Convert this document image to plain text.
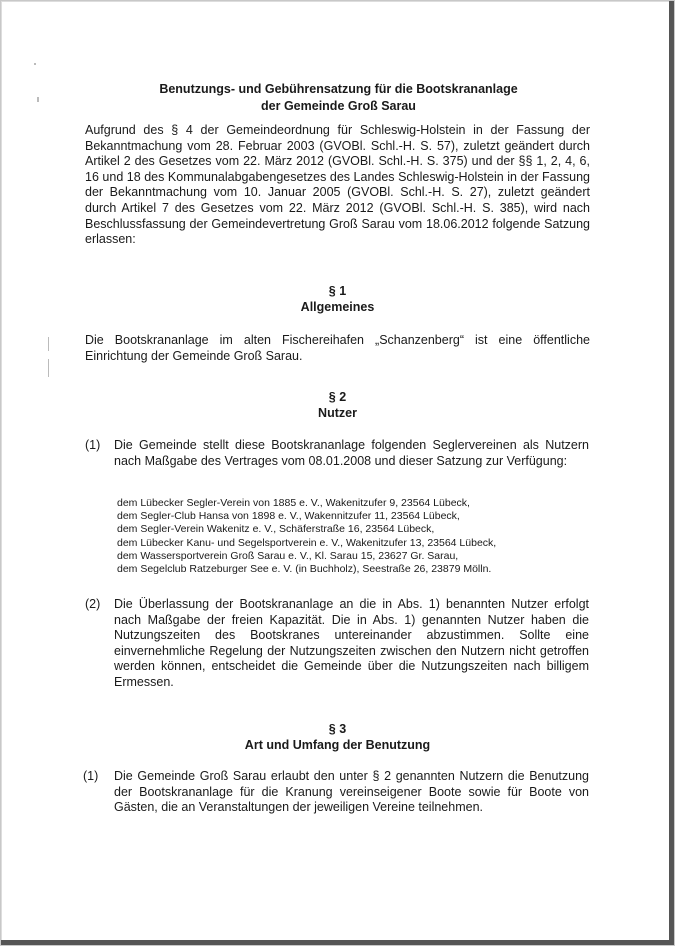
Benutzungs- und Gebührensatzung für die Bootskrananlage
der Gemeinde Groß Sarau
Aufgrund des § 4 der Gemeindeordnung für Schleswig-Holstein in der Fassung der Bekanntmachung vom 28. Februar 2003 (GVOBl. Schl.-H. S. 57), zuletzt geändert durch Artikel 2 des Gesetzes vom 22. März 2012 (GVOBl. Schl.-H. S. 375) und der §§ 1, 2, 4, 6, 16 und 18 des Kommunalabgabengesetzes des Landes Schleswig-Holstein in der Fassung der Bekanntmachung vom 10. Januar 2005 (GVOBl. Schl.-H. S. 27), zuletzt geändert durch Artikel 7 des Gesetzes vom 22. März 2012 (GVOBl. Schl.-H. S. 385), wird nach Beschlussfassung der Gemeindevertretung Groß Sarau vom 18.06.2012 folgende Satzung erlassen:
§ 1
Allgemeines
Die Bootskrananlage im alten Fischereihafen „Schanzenberg“ ist eine öffentliche Einrichtung der Gemeinde Groß Sarau.
§ 2
Nutzer
(1) Die Gemeinde stellt diese Bootskrananlage folgenden Seglervereinen als Nutzern nach Maßgabe des Vertrages vom 08.01.2008 und dieser Satzung zur Verfügung:
dem Lübecker Segler-Verein von 1885 e. V., Wakenitzufer 9, 23564 Lübeck,
dem Segler-Club Hansa von 1898 e. V., Wakennitzufer 11, 23564 Lübeck,
dem Segler-Verein Wakenitz e. V., Schäferstraße 16, 23564 Lübeck,
dem Lübecker Kanu- und Segelsportverein e. V., Wakenitzufer 13, 23564 Lübeck,
dem Wassersportverein Groß Sarau e. V., Kl. Sarau 15, 23627 Gr. Sarau,
dem Segelclub Ratzeburger See e. V. (in Buchholz), Seestraße 26, 23879 Mölln.
(2) Die Überlassung der Bootskrananlage an die in Abs. 1) benannten Nutzer erfolgt nach Maßgabe der freien Kapazität. Die in Abs. 1) genannten Nutzer haben die Nutzungszeiten des Bootskranes untereinander abzustimmen. Sollte eine einvernehmliche Regelung der Nutzungszeiten zwischen den Nutzern nicht getroffen werden können, entscheidet die Gemeinde über die Nutzungszeiten nach billigem Ermessen.
§ 3
Art und Umfang der Benutzung
(1) Die Gemeinde Groß Sarau erlaubt den unter § 2 genannten Nutzern die Benutzung der Bootskrananlage für die Kranung vereinseigener Boote sowie für Boote von Gästen, die an Veranstaltungen der jeweiligen Vereine teilnehmen.
